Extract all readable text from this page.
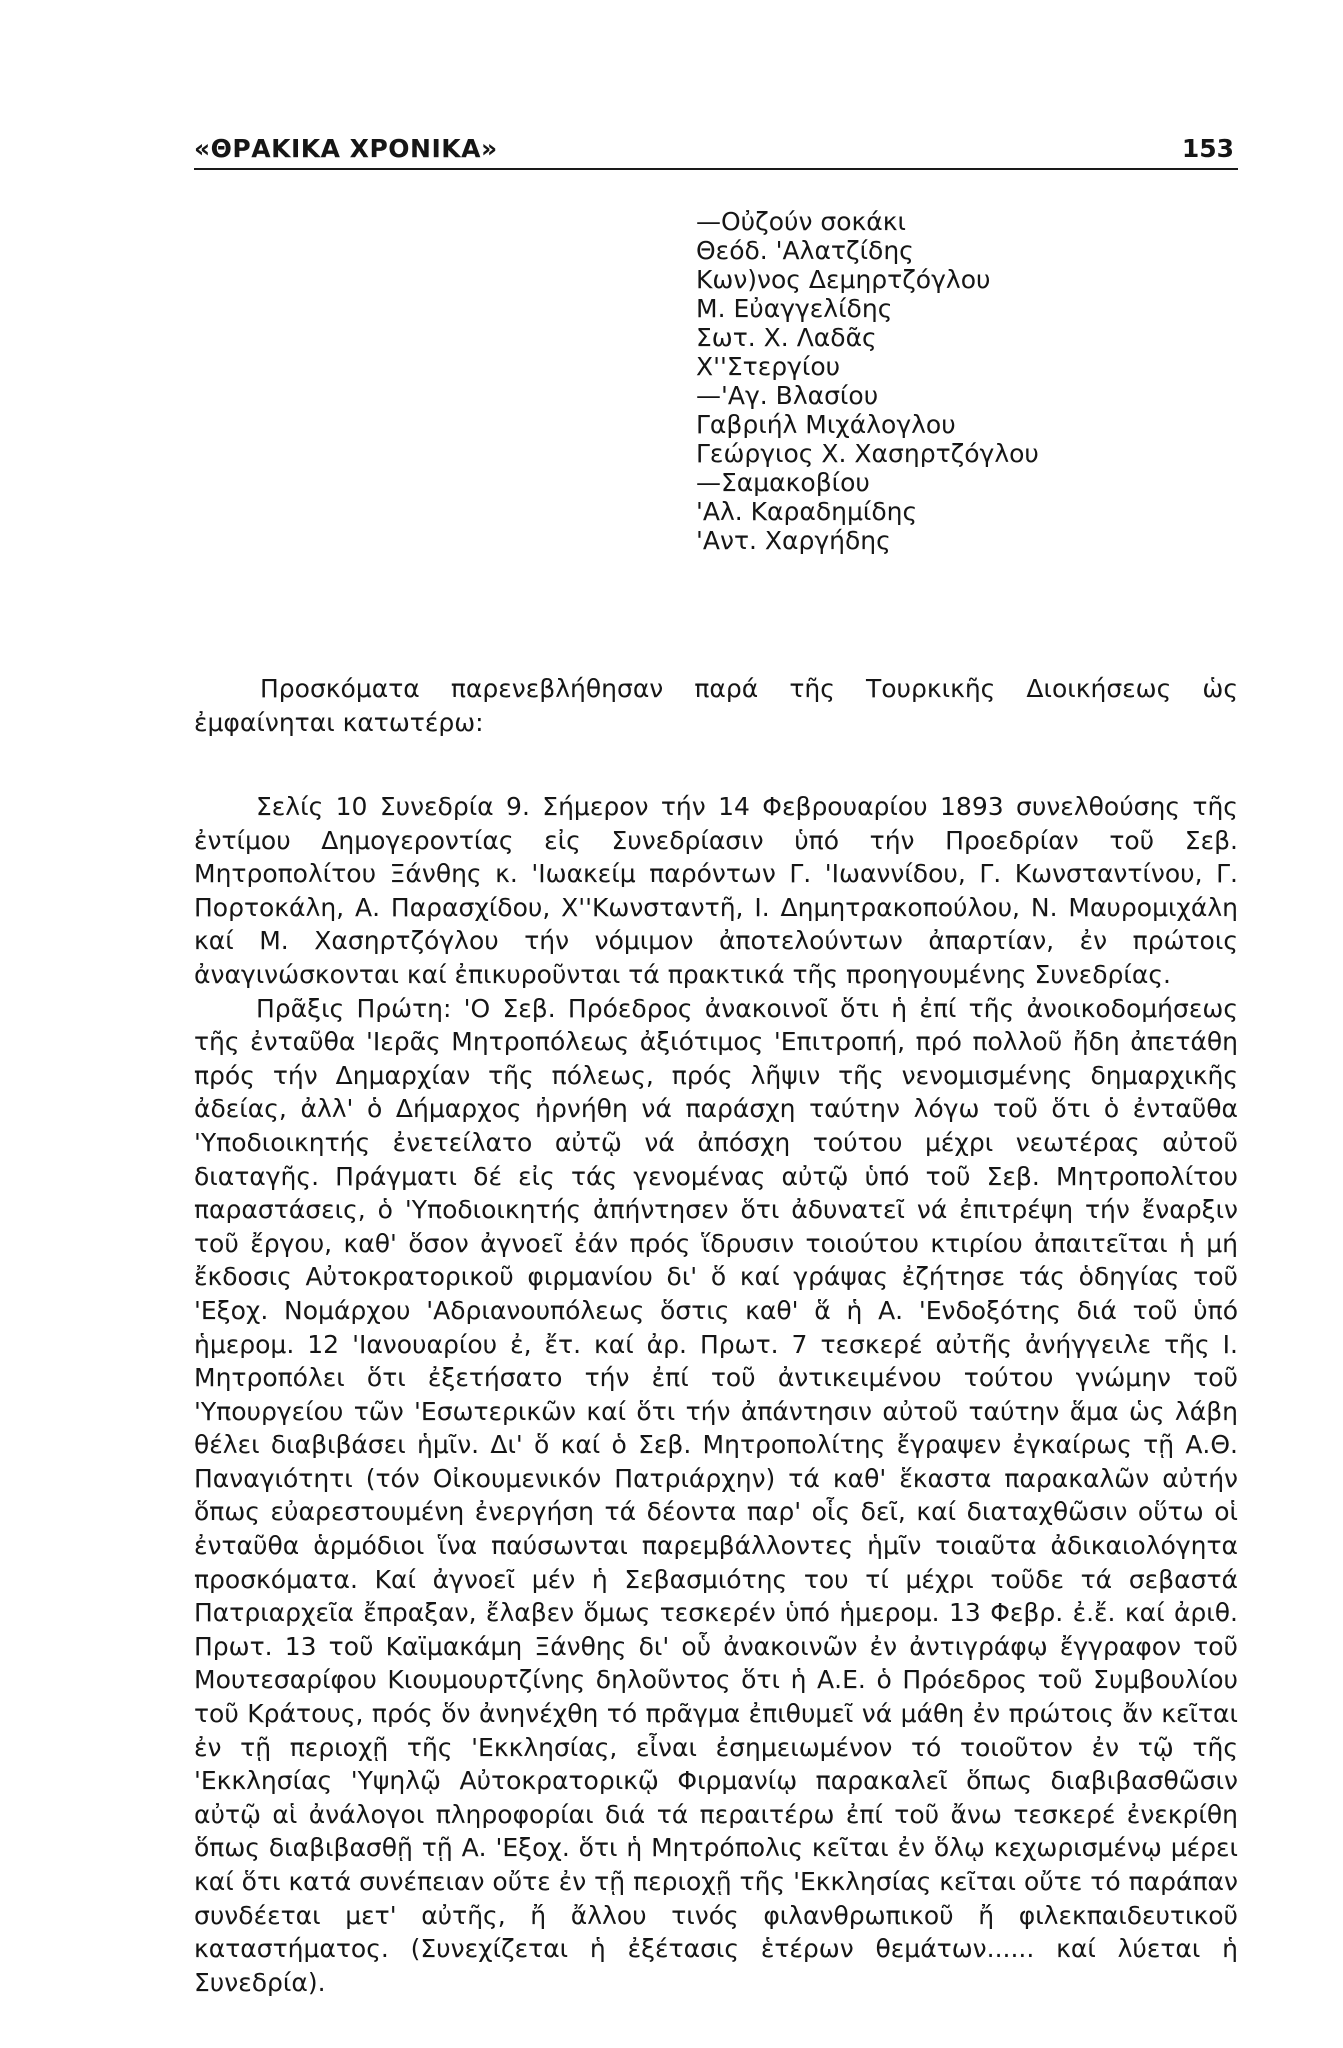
«ΘΡΑΚΙΚΑ ΧΡΟΝΙΚΑ»	153
—Οὐζούν σοκάκι
Θεόδ. 'Αλατζίδης
Κων)νος Δεμηρτζόγλου
Μ. Εὐαγγελίδης
Σωτ. Χ. Λαδᾶς
Χ''Στεργίου
—'Αγ. Βλασίου
Γαβριήλ Μιχάλογλου
Γεώργιος Χ. Χασηρτζόγλου
—Σαμακοβίου
'Αλ. Καραδημίδης
'Αντ. Χαργήδης

Προσκόματα παρενεβλήθησαν παρά τῆς Τουρκικῆς Διοικήσεως ὡς ἐμφαίνηται κατωτέρω:

Σελίς 10 Συνεδρία 9. Σήμερον τήν 14 Φεβρουαρίου 1893 συνελθούσης τῆς ἐντίμου Δημογεροντίας εἰς Συνεδρίασιν ὑπό τήν Προεδρίαν τοῦ Σεβ. Μητροπολίτου Ξάνθης κ. 'Ιωακείμ παρόντων Γ. 'Ιωαννίδου, Γ. Κωνσταντίνου, Γ. Πορτοκάλη, Α. Παρασχίδου, Χ''Κωνσταντῆ, Ι. Δημητρακοπούλου, Ν. Μαυρομιχάλη καί Μ. Χασηρτζόγλου τήν νόμιμον ἀποτελούντων ἀπαρτίαν, ἐν πρώτοις ἀναγινώσκονται καί ἐπικυροῦνται τά πρακτικά τῆς προηγουμένης Συνεδρίας.

Πρᾶξις Πρώτη: 'Ο Σεβ. Πρόεδρος ἀνακοινοῖ ὅτι ἡ ἐπί τῆς ἀνοικοδομήσεως τῆς ἐνταῦθα 'Ιερᾶς Μητροπόλεως ἀξιότιμος 'Επιτροπή, πρό πολλοῦ ἤδη ἀπετάθη πρός τήν Δημαρχίαν τῆς πόλεως, πρός λῆψιν τῆς νενομισμένης δημαρχικῆς ἀδείας, ἀλλ' ὁ Δήμαρχος ἠρνήθη νά παράσχη ταύτην λόγω τοῦ ὅτι ὁ ἐνταῦθα 'Υποδιοικητής ἐνετείλατο αὐτῷ νά ἀπόσχη τούτου μέχρι νεωτέρας αὐτοῦ διαταγῆς. Πράγματι δέ εἰς τάς γενομένας αὐτῷ ὑπό τοῦ Σεβ. Μητροπολίτου παραστάσεις, ὁ 'Υποδιοικητής ἀπήντησεν ὅτι ἀδυνατεῖ νά ἐπιτρέψη τήν ἔναρξιν τοῦ ἔργου, καθ' ὅσον ἀγνοεῖ ἐάν πρός ἵδρυσιν τοιούτου κτιρίου ἀπαιτεῖται ἡ μή ἔκδοσις Αὐτοκρατορικοῦ φιρμανίου δι' ὅ καί γράψας ἐζήτησε τάς ὁδηγίας τοῦ 'Εξοχ. Νομάρχου 'Αδριανουπόλεως ὅστις καθ' ἅ ἡ Α. 'Ενδοξότης διά τοῦ ὑπό ἡμερομ. 12 'Ιανουαρίου ἐ, ἔτ. καί ἀρ. Πρωτ. 7 τεσκερέ αὐτῆς ἀνήγγειλε τῆς Ι. Μητροπόλει ὅτι ἐξετήσατο τήν ἐπί τοῦ ἀντικειμένου τούτου γνώμην τοῦ 'Υπουργείου τῶν 'Εσωτερικῶν καί ὅτι τήν ἀπάντησιν αὐτοῦ ταύτην ἅμα ὡς λάβη θέλει διαβιβάσει ἡμῖν. Δι' ὅ καί ὁ Σεβ. Μητροπολίτης ἔγραψεν ἐγκαίρως τῇ Α.Θ. Παναγιότητι (τόν Οἰκουμενικόν Πατριάρχην) τά καθ' ἕκαστα παρακαλῶν αὐτήν ὅπως εὐαρεστουμένη ἐνεργήση τά δέοντα παρ' οἷς δεῖ, καί διαταχθῶσιν οὕτω οἱ ἐνταῦθα ἁρμόδιοι ἵνα παύσωνται παρεμβάλλοντες ἡμῖν τοιαῦτα ἀδικαιολόγητα προσκόματα. Καί ἀγνοεῖ μέν ἡ Σεβασμιότης του τί μέχρι τοῦδε τά σεβαστά Πατριαρχεῖα ἔπραξαν, ἔλαβεν ὅμως τεσκερέν ὑπό ἡμερομ. 13 Φεβρ. ἐ.ἔ. καί ἀριθ. Πρωτ. 13 τοῦ Καϊμακάμη Ξάνθης δι' οὗ ἀνακοινῶν ἐν ἀντιγράφῳ ἔγγραφον τοῦ Μουτεσαρίφου Κιουμουρτζίνης δηλοῦντος ὅτι ἡ Α.Ε. ὁ Πρόεδρος τοῦ Συμβουλίου τοῦ Κράτους, πρός ὅν ἀνηνέχθη τό πρᾶγμα ἐπιθυμεῖ νά μάθη ἐν πρώτοις ἄν κεῖται ἐν τῇ περιοχῇ τῆς 'Εκκλησίας, εἶναι ἐσημειωμένον τό τοιοῦτον ἐν τῷ τῆς 'Εκκλησίας 'Υψηλῷ Αὐτοκρατορικῷ Φιρμανίῳ παρακαλεῖ ὅπως διαβιβασθῶσιν αὐτῷ αἱ ἀνάλογοι πληροφορίαι διά τά περαιτέρω ἐπί τοῦ ἄνω τεσκερέ ἐνεκρίθη ὅπως διαβιβασθῇ τῇ Α. 'Εξοχ. ὅτι ἡ Μητρόπολις κεῖται ἐν ὅλῳ κεχωρισμένῳ μέρει καί ὅτι κατά συνέπειαν οὔτε ἐν τῇ περιοχῇ τῆς 'Εκκλησίας κεῖται οὔτε τό παράπαν συνδέεται μετ' αὐτῆς, ἤ ἄλλου τινός φιλανθρωπικοῦ ἤ φιλεκπαιδευτικοῦ καταστήματος. (Συνεχίζεται ἡ ἐξέτασις ἑτέρων θεμάτων...... καί λύεται ἡ Συνεδρία).
